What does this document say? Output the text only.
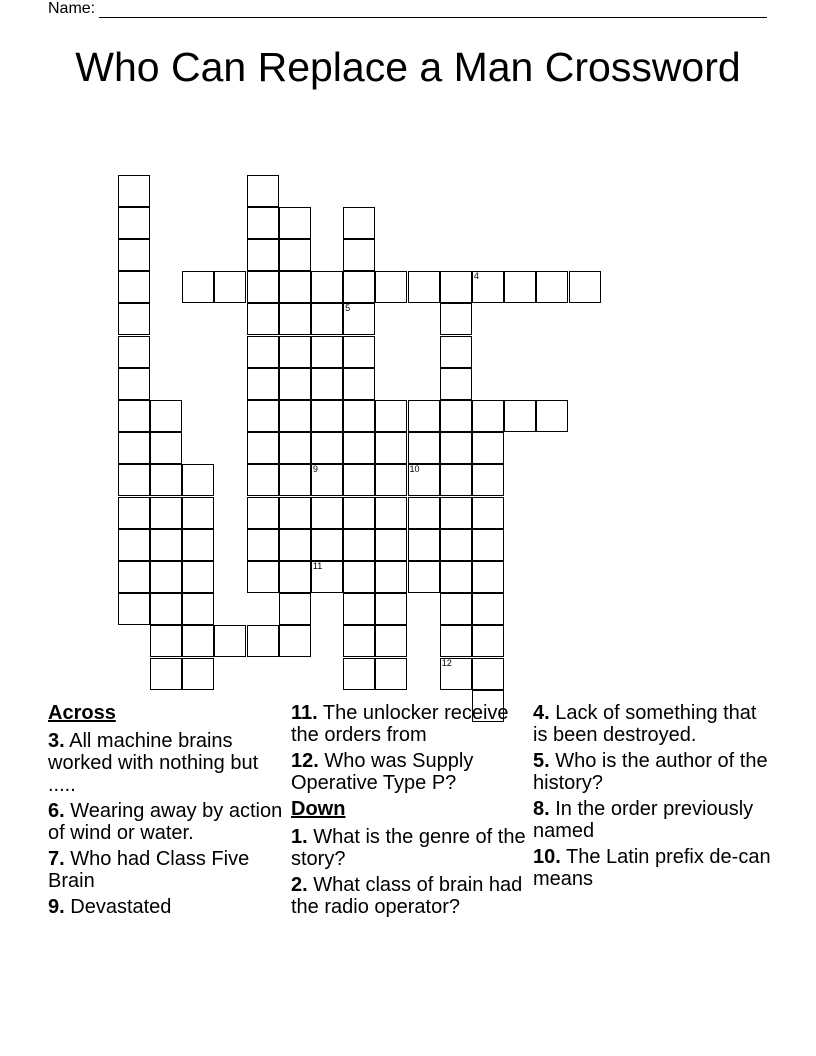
Name:
Who Can Replace a Man Crossword
4
9
11
5
10
12
Across
3. All machine brains worked with nothing but .....
6. Wearing away by action of wind or water.
7. Who had Class Five Brain
9. Devastated
11. The unlocker receive the orders from
12. Who was Supply Operative Type P?
Down
1. What is the genre of the story?
2. What class of brain had the radio operator?
4. Lack of something that is been destroyed.
5. Who is the author of the history?
8. In the order previously named
10. The Latin prefix de-can means
